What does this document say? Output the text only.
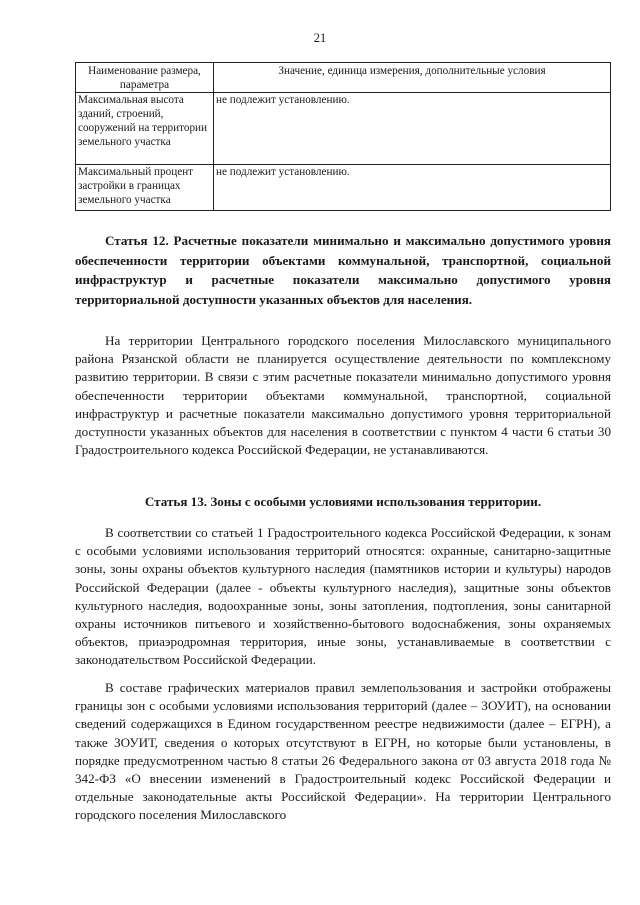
21
Наименование размера, параметра	Значение, единица измерения, дополнительные условия
Максимальная высота зданий, строений, сооружений на территории земельного участка	не подлежит установлению.
Максимальный процент застройки в границах земельного участка	не подлежит установлению.
Статья 12. Расчетные показатели минимально и максимально допустимого уровня обеспеченности территории объектами коммунальной, транспортной, социальной инфраструктур и расчетные показатели максимально допустимого уровня территориальной доступности указанных объектов для населения.
На территории Центрального городского поселения Милославского муниципального района Рязанской области не планируется осуществление деятельности по комплексному развитию территории. В связи с этим расчетные показатели минимально допустимого уровня обеспеченности территории объектами коммунальной, транспортной, социальной инфраструктур и расчетные показатели максимально допустимого уровня территориальной доступности указанных объектов для населения в соответствии с пунктом 4 части 6 статьи 30 Градостроительного кодекса Российской Федерации, не устанавливаются.
Статья 13. Зоны с особыми условиями использования территории.
В соответствии со статьей 1 Градостроительного кодекса Российской Федерации, к зонам с особыми условиями использования территорий относятся: охранные, санитарно-защитные зоны, зоны охраны объектов культурного наследия (памятников истории и культуры) народов Российской Федерации (далее - объекты культурного наследия), защитные зоны объектов культурного наследия, водоохранные зоны, зоны затопления, подтопления, зоны санитарной охраны источников питьевого и хозяйственно-бытового водоснабжения, зоны охраняемых объектов, приаэродромная территория, иные зоны, устанавливаемые в соответствии с законодательством Российской Федерации.
В составе графических материалов правил землепользования и застройки отображены границы зон с особыми условиями использования территорий (далее – ЗОУИТ), на основании сведений содержащихся в Едином государственном реестре недвижимости (далее – ЕГРН), а также ЗОУИТ, сведения о которых отсутствуют в ЕГРН, но которые были установлены, в порядке предусмотренном частью 8 статьи 26 Федерального закона от 03 августа 2018 года № 342-ФЗ «О внесении изменений в Градостроительный кодекс Российской Федерации и отдельные законодательные акты Российской Федерации». На территории Центрального городского поселения Милославского
